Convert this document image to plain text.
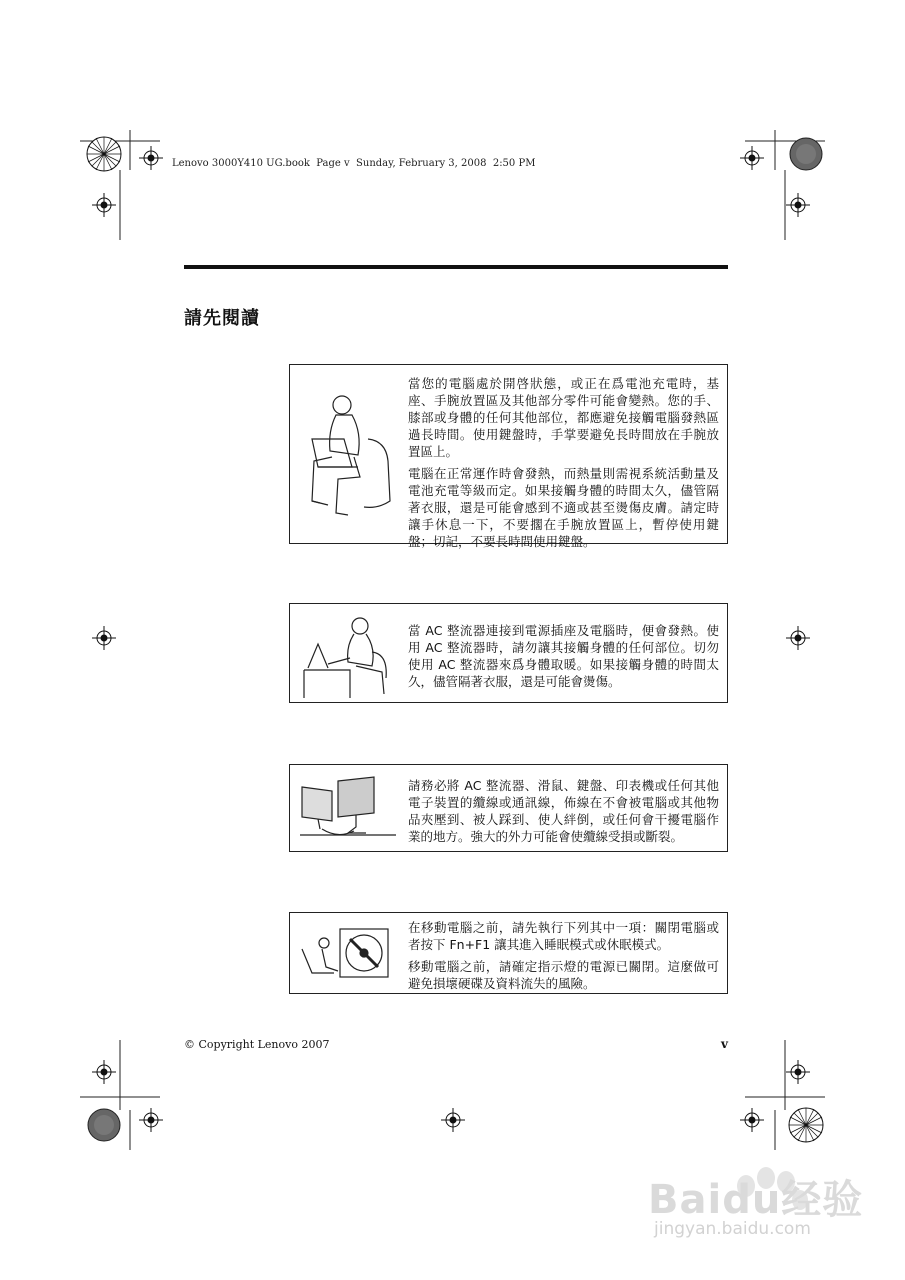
Lenovo 3000Y410 UG.book  Page v  Sunday, February 3, 2008  2:50 PM
請先閱讀

當您的電腦處於開啓狀態，或正在爲電池充電時，基座、手腕放置區及其他部分零件可能會變熱。您的手、膝部或身體的任何其他部位，都應避免接觸電腦發熱區過長時間。使用鍵盤時，手掌要避免長時間放在手腕放置區上。

電腦在正常運作時會發熱，而熱量則需視系統活動量及電池充電等級而定。如果接觸身體的時間太久，儘管隔著衣服，還是可能會感到不適或甚至燙傷皮膚。請定時讓手休息一下，不要擱在手腕放置區上，暫停使用鍵盤；切記，不要長時間使用鍵盤。

當 AC 整流器連接到電源插座及電腦時，便會發熱。使用 AC 整流器時，請勿讓其接觸身體的任何部位。切勿使用 AC 整流器來爲身體取暖。如果接觸身體的時間太久，儘管隔著衣服，還是可能會燙傷。

請務必將 AC 整流器、滑鼠、鍵盤、印表機或任何其他電子裝置的纜線或通訊線，佈線在不會被電腦或其他物品夾壓到、被人踩到、使人絆倒，或任何會干擾電腦作業的地方。強大的外力可能會使纜線受損或斷裂。

在移動電腦之前，請先執行下列其中一項：關閉電腦或者按下 Fn+F1 讓其進入睡眠模式或休眠模式。

移動電腦之前，請確定指示燈的電源已關閉。這麼做可避免損壞硬碟及資料流失的風險。

© Copyright Lenovo 2007	v
Baidu经验
jingyan.baidu.com
